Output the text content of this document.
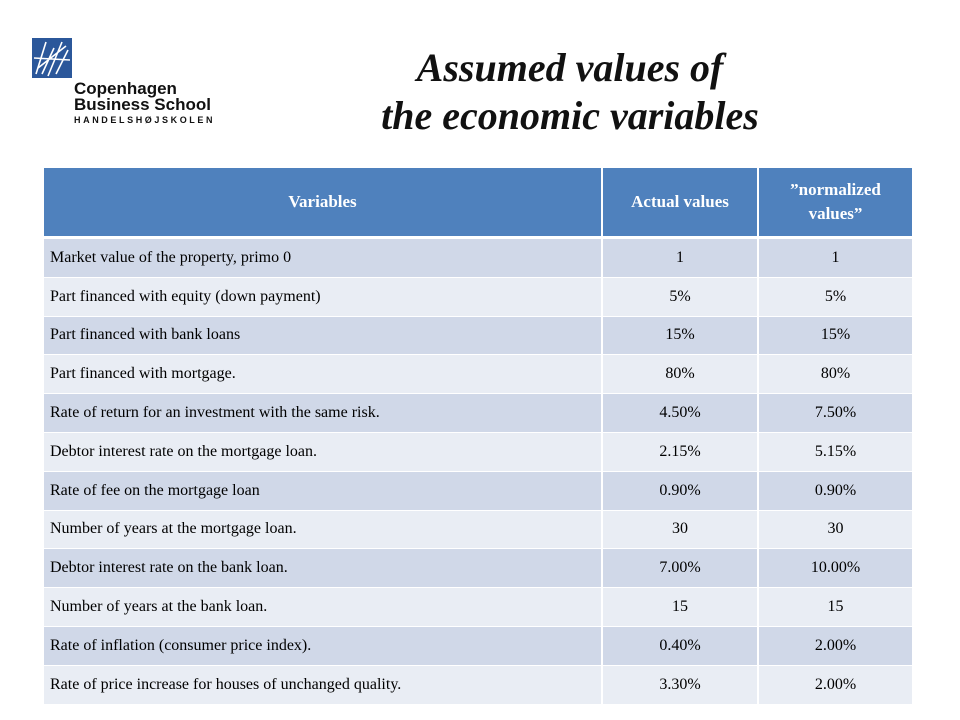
Copenhagen
Business School
HANDELSHØJSKOLEN
Assumed values of
the economic variables
Variables	Actual values	”normalized values”
Market value of the property, primo 0	1	1
Part financed with equity (down payment)	5%	5%
Part financed with bank loans	15%	15%
Part financed with mortgage.	80%	80%
Rate of return for an investment with the same risk.	4.50%	7.50%
Debtor interest rate on the mortgage loan.	2.15%	5.15%
Rate of fee on the mortgage loan	0.90%	0.90%
Number of years at the mortgage loan.	30	30
Debtor interest rate on the bank loan.	7.00%	10.00%
Number of years at the bank loan.	15	15
Rate of inflation (consumer price index).	0.40%	2.00%
Rate of price increase for houses of unchanged quality.	3.30%	2.00%
